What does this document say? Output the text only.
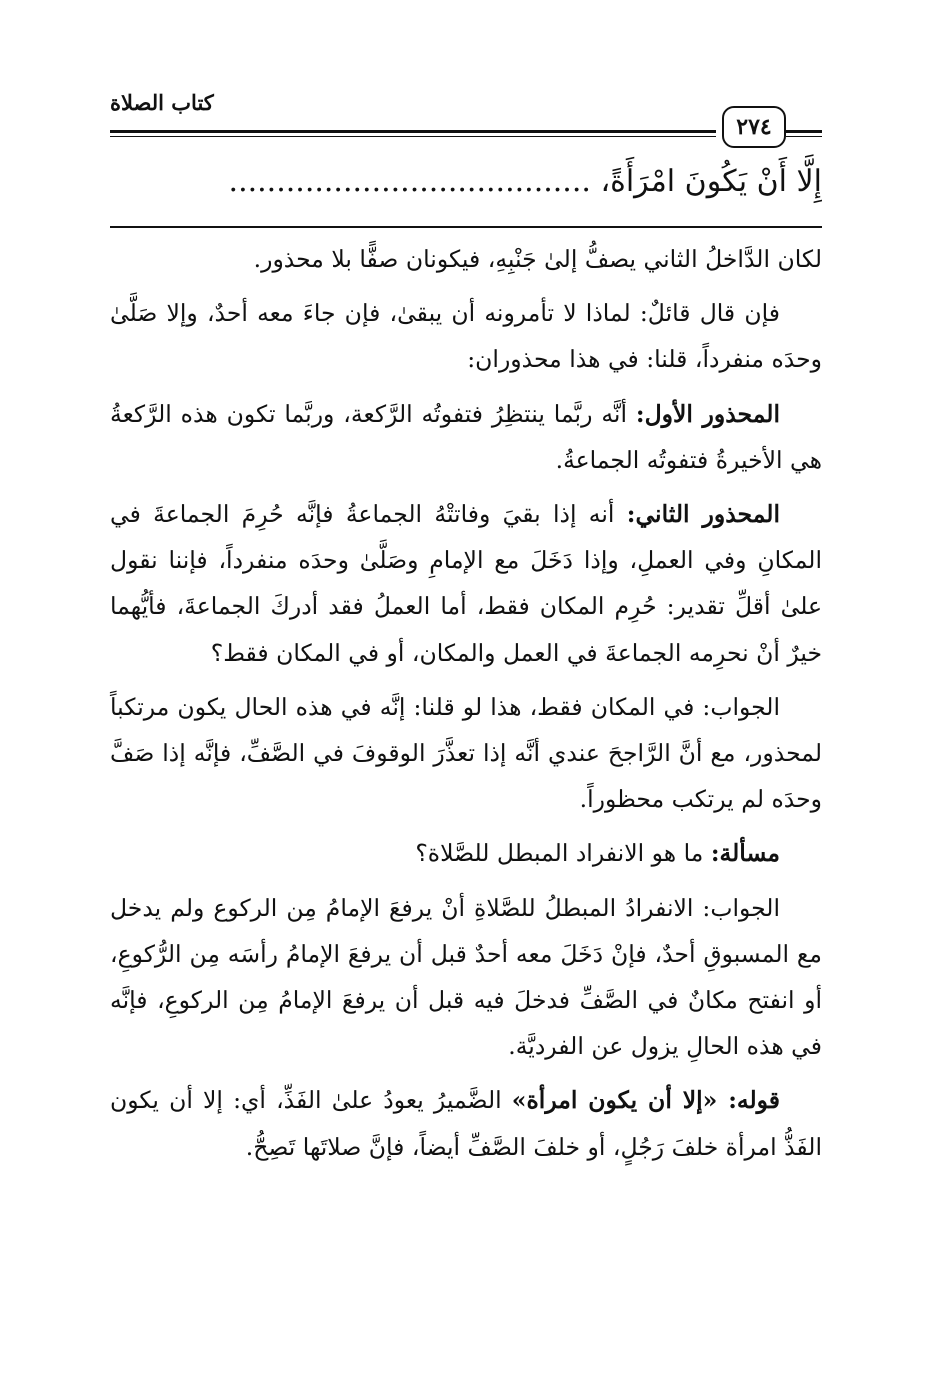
كتاب الصلاة
٢٧٤
إِلَّا أَنْ يَكُونَ امْرَأَةً، ......................................

لكان الدَّاخلُ الثاني يصفُّ إلىٰ جَنْبِهِ، فيكونان صفًّا بلا محذور.

فإن قال قائلٌ: لماذا لا تأمرونه أن يبقىٰ، فإن جاءَ معه أحدٌ، وإلا صَلَّىٰ وحدَه منفرداً، قلنا: في هذا محذوران:

المحذور الأول: أنَّه ربَّما ينتظِرُ فتفوتُه الرَّكعة، وربَّما تكون هذه الرَّكعةُ هي الأخيرةُ فتفوتُه الجماعةُ.

المحذور الثاني: أنه إذا بقيَ وفاتتْهُ الجماعةُ فإنَّه حُرِمَ الجماعةَ في المكانِ وفي العملِ، وإذا دَخَلَ مع الإمامِ وصَلَّىٰ وحدَه منفرداً، فإننا نقول علىٰ أقلِّ تقدير: حُرِم المكان فقط، أما العملُ فقد أدركَ الجماعةَ، فأيُّهما خيرٌ أنْ نحرِمه الجماعةَ في العمل والمكان، أو في المكان فقط؟

الجواب: في المكان فقط، هذا لو قلنا: إنَّه في هذه الحال يكون مرتكباً لمحذور، مع أنَّ الرَّاجحَ عندي أنَّه إذا تعذَّرَ الوقوفَ في الصَّفِّ، فإنَّه إذا صَفَّ وحدَه لم يرتكب محظوراً.

مسألة: ما هو الانفراد المبطل للصَّلاة؟

الجواب: الانفرادُ المبطلُ للصَّلاةِ أنْ يرفعَ الإمامُ مِن الركوع ولم يدخل مع المسبوقِ أحدٌ، فإنْ دَخَلَ معه أحدٌ قبل أن يرفعَ الإمامُ رأسَه مِن الرُّكوعِ، أو انفتح مكانٌ في الصَّفِّ فدخلَ فيه قبل أن يرفعَ الإمامُ مِن الركوعِ، فإنَّه في هذه الحالِ يزول عن الفرديَّة.

قوله: «إلا أن يكون امرأة» الضَّميرُ يعودُ علىٰ الفَذِّ، أي: إلا أن يكون الفَذُّ امرأة خلفَ رَجُلٍ، أو خلفَ الصَّفِّ أيضاً، فإنَّ صلاتَها تَصِحُّ.
